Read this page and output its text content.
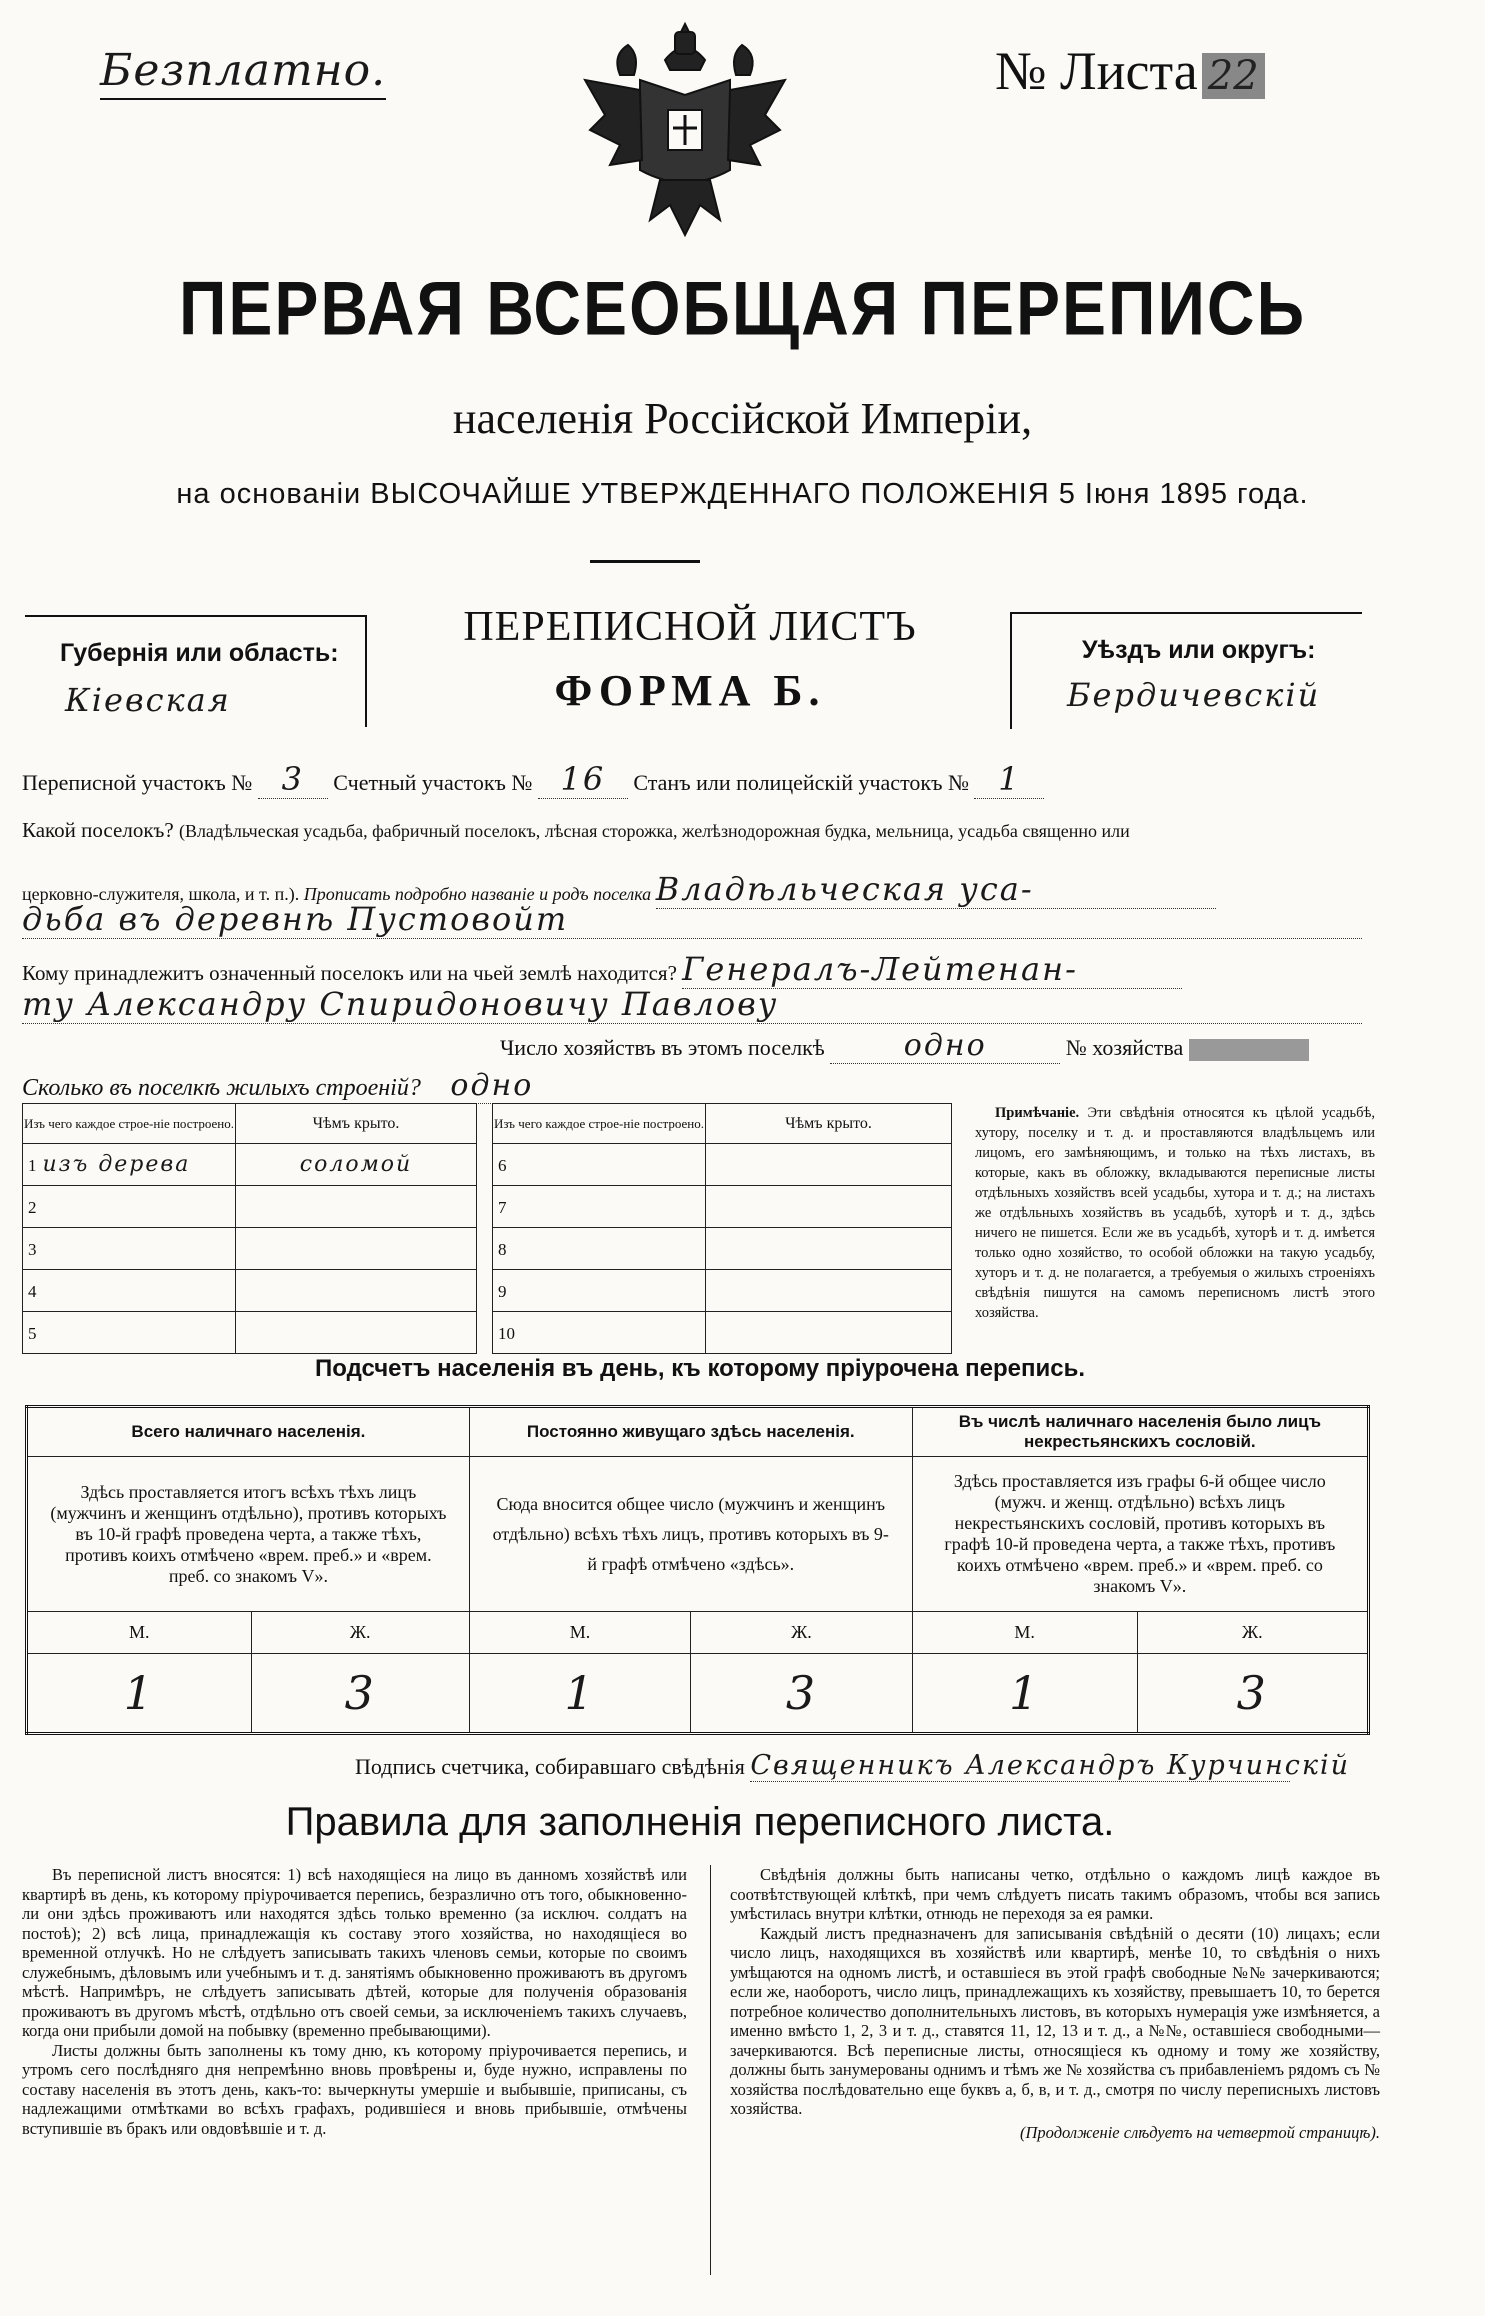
Безплатно.	№ Листа 22
ПЕРВАЯ ВСЕОБЩАЯ ПЕРЕПИСЬ
населенія Россійской Имперіи,
на основаніи ВЫСОЧАЙШЕ УТВЕРЖДЕННАГО ПОЛОЖЕНІЯ 5 Іюня 1895 года.
Губернія или область:
Кіевская
ПЕРЕПИСНОЙ ЛИСТЪ
ФОРМА Б.
Уѣздъ или округъ:
Бердичевскій
Переписной участокъ № 3 Счетный участокъ № 16 Станъ или полицейскій участокъ № 1
Какой поселокъ? (Владѣльческая усадьба, фабричный поселокъ, лѣсная сторожка, желѣзнодорожная будка, мельница, усадьба священно или
церковно-служителя, школа, и т. п.). Прописать подробно названіе и родъ поселка Владѣльческая уса-
дьба въ деревнѣ Пустовойт
Кому принадлежитъ означенный поселокъ или на чьей землѣ находится? Генералъ-Лейтенан-
ту Александру Спиридоновичу Павлову
Число хозяйствъ въ этомъ поселкѣ	одно	№ хозяйства
Сколько въ поселкѣ жилыхъ строеній? одно
Изъ чего каждое строе-ніе построено.	Чѣмъ крыто.
1 изъ дерева	соломой
2	
3	
4	
5	
Изъ чего каждое строе-ніе построено.	Чѣмъ крыто.
6	
7	
8	
9	
10	
Примѣчаніе. Эти свѣдѣнія относятся къ цѣлой усадьбѣ, хутору, поселку и т. д. и проставляются владѣльцемъ или лицомъ, его замѣняющимъ, и только на тѣхъ листахъ, въ которые, какъ въ обложку, вкладываются переписные листы отдѣльныхъ хозяйствъ всей усадьбы, хутора и т. д.; на листахъ же отдѣльныхъ хозяйствъ въ усадьбѣ, хуторѣ и т. д., здѣсь ничего не пишется. Если же въ усадьбѣ, хуторѣ и т. д. имѣется только одно хозяйство, то особой обложки на такую усадьбу, хуторъ и т. д. не полагается, а требуемыя о жилыхъ строеніяхъ свѣдѣнія пишутся на самомъ переписномъ листѣ этого хозяйства.
Подсчетъ населенія въ день, къ которому пріурочена перепись.
Всего наличнаго населенія.		Постоянно живущаго здѣсь населенія.		Въ числѣ наличнаго населенія было лицъ некрестьянскихъ сословій.	
Здѣсь проставляется итогъ всѣхъ тѣхъ лицъ (мужчинъ и женщинъ отдѣльно), противъ которыхъ въ 10-й графѣ проведена черта, а также тѣхъ, противъ коихъ отмѣчено «врем. преб.» и «врем. преб. со знакомъ V».		Сюда вносится общее число (мужчинъ и женщинъ отдѣльно) всѣхъ тѣхъ лицъ, противъ которыхъ въ 9-й графѣ отмѣчено «здѣсь».		Здѣсь проставляется изъ графы 6-й общее число (мужч. и женщ. отдѣльно) всѣхъ лицъ некрестьянскихъ сословій, противъ которыхъ въ графѣ 10-й проведена черта, а также тѣхъ, противъ коихъ отмѣчено «врем. преб.» и «врем. преб. со знакомъ V».	
М.	Ж.	М.	Ж.	М.	Ж.
1	3	1	3	1	3
Подпись счетчика, собиравшаго свѣдѣнія Священникъ Александръ Курчинскій
Правила для заполненія переписного листа.

Въ переписной листъ вносятся: 1) всѣ находящіеся на лицо въ данномъ хозяйствѣ или квартирѣ въ день, къ которому пріурочивается перепись, безразлично отъ того, обыкновенно-ли они здѣсь проживаютъ или находятся здѣсь только временно (за исключ. солдатъ на постоѣ); 2) всѣ лица, принадлежащія къ составу этого хозяйства, но находящіеся во временной отлучкѣ. Но не слѣдуетъ записывать такихъ членовъ семьи, которые по своимъ служебнымъ, дѣловымъ или учебнымъ и т. д. занятіямъ обыкновенно проживаютъ въ другомъ мѣстѣ. Напримѣръ, не слѣдуетъ записывать дѣтей, которые для полученія образованія проживаютъ въ другомъ мѣстѣ, отдѣльно отъ своей семьи, за исключеніемъ такихъ случаевъ, когда они прибыли домой на побывку (временно пребывающими).

Листы должны быть заполнены къ тому дню, къ которому пріурочивается перепись, и утромъ сего послѣдняго дня непремѣнно вновь провѣрены и, буде нужно, исправлены по составу населенія въ этотъ день, какъ-то: вычеркнуты умершіе и выбывшіе, приписаны, съ надлежащими отмѣтками во всѣхъ графахъ, родившіеся и вновь прибывшіе, отмѣчены вступившіе въ бракъ или овдовѣвшіе и т. д.

Свѣдѣнія должны быть написаны четко, отдѣльно о каждомъ лицѣ каждое въ соотвѣтствующей клѣткѣ, при чемъ слѣдуетъ писать такимъ образомъ, чтобы вся запись умѣстилась внутри клѣтки, отнюдь не переходя за ея рамки.

Каждый листъ предназначенъ для записыванія свѣдѣній о десяти (10) лицахъ; если число лицъ, находящихся въ хозяйствѣ или квартирѣ, менѣе 10, то свѣдѣнія о нихъ умѣщаются на одномъ листѣ, и оставшіеся въ этой графѣ свободные №№ зачеркиваются; если же, наоборотъ, число лицъ, принадлежащихъ къ хозяйству, превышаетъ 10, то берется потребное количество дополнительныхъ листовъ, въ которыхъ нумерація уже измѣняется, а именно вмѣсто 1, 2, 3 и т. д., ставятся 11, 12, 13 и т. д., а №№, оставшіеся свободными—зачеркиваются. Всѣ переписные листы, относящіеся къ одному и тому же хозяйству, должны быть занумерованы однимъ и тѣмъ же № хозяйства съ прибавленіемъ рядомъ съ № хозяйства послѣдовательно еще буквъ а, б, в, и т. д., смотря по числу переписныхъ листовъ хозяйства.

(Продолженіе слѣдуетъ на четвертой страницѣ).
